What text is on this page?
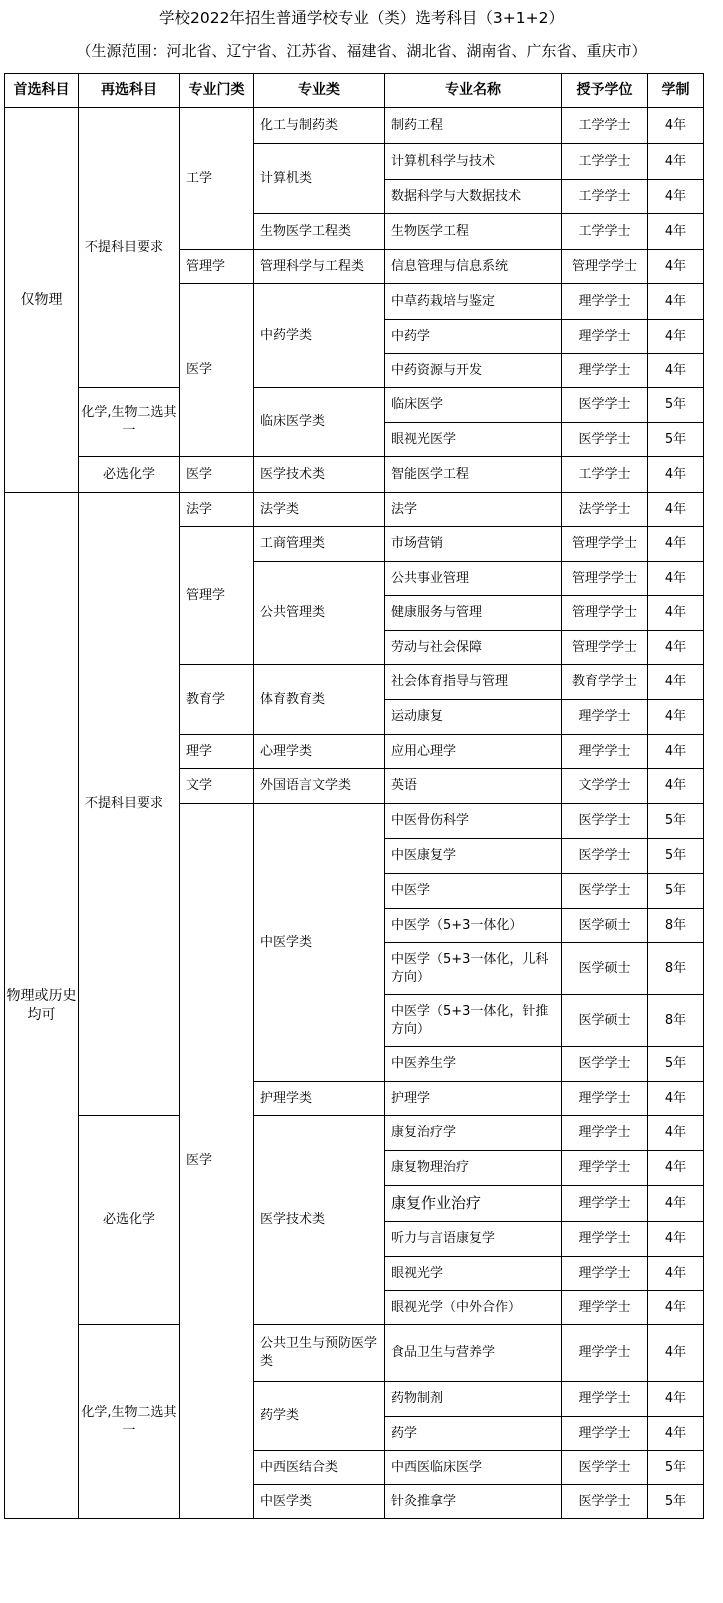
学校2022年招生普通学校专业（类）选考科目（3+1+2）
（生源范围：河北省、辽宁省、江苏省、福建省、湖北省、湖南省、广东省、重庆市）
首选科目	再选科目	专业门类	专业类	专业名称	授予学位	学制
仅物理	不提科目要求	工学	化工与制药类	制药工程	工学学士	4年
			计算机类	计算机科学与技术	工学学士	4年
				数据科学与大数据技术	工学学士	4年
			生物医学工程类	生物医学工程	工学学士	4年
		管理学	管理科学与工程类	信息管理与信息系统	管理学学士	4年
		医学	中药学类	中草药栽培与鉴定	理学学士	4年
				中药学	理学学士	4年
				中药资源与开发	理学学士	4年
	化学,生物二选其一		临床医学类	临床医学	医学学士	5年
				眼视光医学	医学学士	5年
	必选化学	医学	医学技术类	智能医学工程	工学学士	4年
物理或历史均可	不提科目要求	法学	法学类	法学	法学学士	4年
		管理学	工商管理类	市场营销	管理学学士	4年
			公共管理类	公共事业管理	管理学学士	4年
				健康服务与管理	管理学学士	4年
				劳动与社会保障	管理学学士	4年
		教育学	体育教育类	社会体育指导与管理	教育学学士	4年
				运动康复	理学学士	4年
		理学	心理学类	应用心理学	理学学士	4年
		文学	外国语言文学类	英语	文学学士	4年
		医学	中医学类	中医骨伤科学	医学学士	5年
				中医康复学	医学学士	5年
				中医学	医学学士	5年
				中医学（5+3一体化）	医学硕士	8年
				中医学（5+3一体化，儿科方向）	医学硕士	8年
				中医学（5+3一体化，针推方向）	医学硕士	8年
				中医养生学	医学学士	5年
			护理学类	护理学	理学学士	4年
	必选化学		医学技术类	康复治疗学	理学学士	4年
				康复物理治疗	理学学士	4年
				康复作业治疗	理学学士	4年
				听力与言语康复学	理学学士	4年
				眼视光学	理学学士	4年
				眼视光学（中外合作）	理学学士	4年
	化学,生物二选其一		公共卫生与预防医学类	食品卫生与营养学	理学学士	4年
			药学类	药物制剂	理学学士	4年
				药学	理学学士	4年
			中西医结合类	中西医临床医学	医学学士	5年
			中医学类	针灸推拿学	医学学士	5年
